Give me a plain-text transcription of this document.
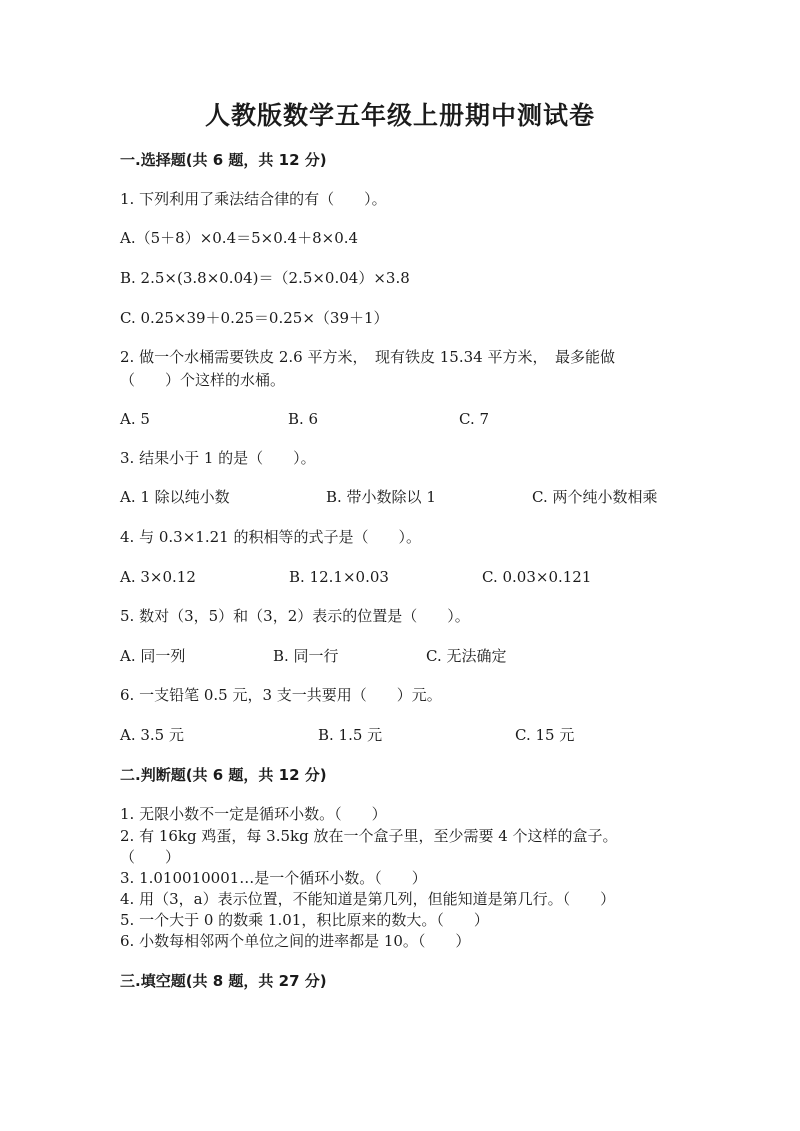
人教版数学五年级上册期中测试卷
一.选择题(共 6 题，共 12 分)
1. 下列利用了乘法结合律的有（　　）。
A.（5＋8）×0.4＝5×0.4＋8×0.4
B. 2.5×(3.8×0.04)＝（2.5×0.04）×3.8
C. 0.25×39＋0.25＝0.25×（39＋1）
2. 做一个水桶需要铁皮 2.6 平方米，　现有铁皮 15.34 平方米，　最多能做
（　　）个这样的水桶。
A. 5	B. 6	C. 7
3. 结果小于 1 的是（　　）。
A. 1 除以纯小数	B. 带小数除以 1	C. 两个纯小数相乘
4. 与 0.3×1.21 的积相等的式子是（　　）。
A. 3×0.12	B. 12.1×0.03	C. 0.03×0.121
5. 数对（3，5）和（3，2）表示的位置是（　　）。
A. 同一列	B. 同一行	C. 无法确定
6. 一支铅笔 0.5 元，3 支一共要用（　　）元。
A. 3.5 元	B. 1.5 元	C. 15 元
二.判断题(共 6 题，共 12 分)
1. 无限小数不一定是循环小数。（　　）
2. 有 16kg 鸡蛋，每 3.5kg 放在一个盒子里，至少需要 4 个这样的盒子。
（　　）
3. 1.010010001…是一个循环小数。（　　）
4. 用（3，a）表示位置，不能知道是第几列，但能知道是第几行。（　　）
5. 一个大于 0 的数乘 1.01，积比原来的数大。（　　）
6. 小数每相邻两个单位之间的进率都是 10。（　　）
三.填空题(共 8 题，共 27 分)
